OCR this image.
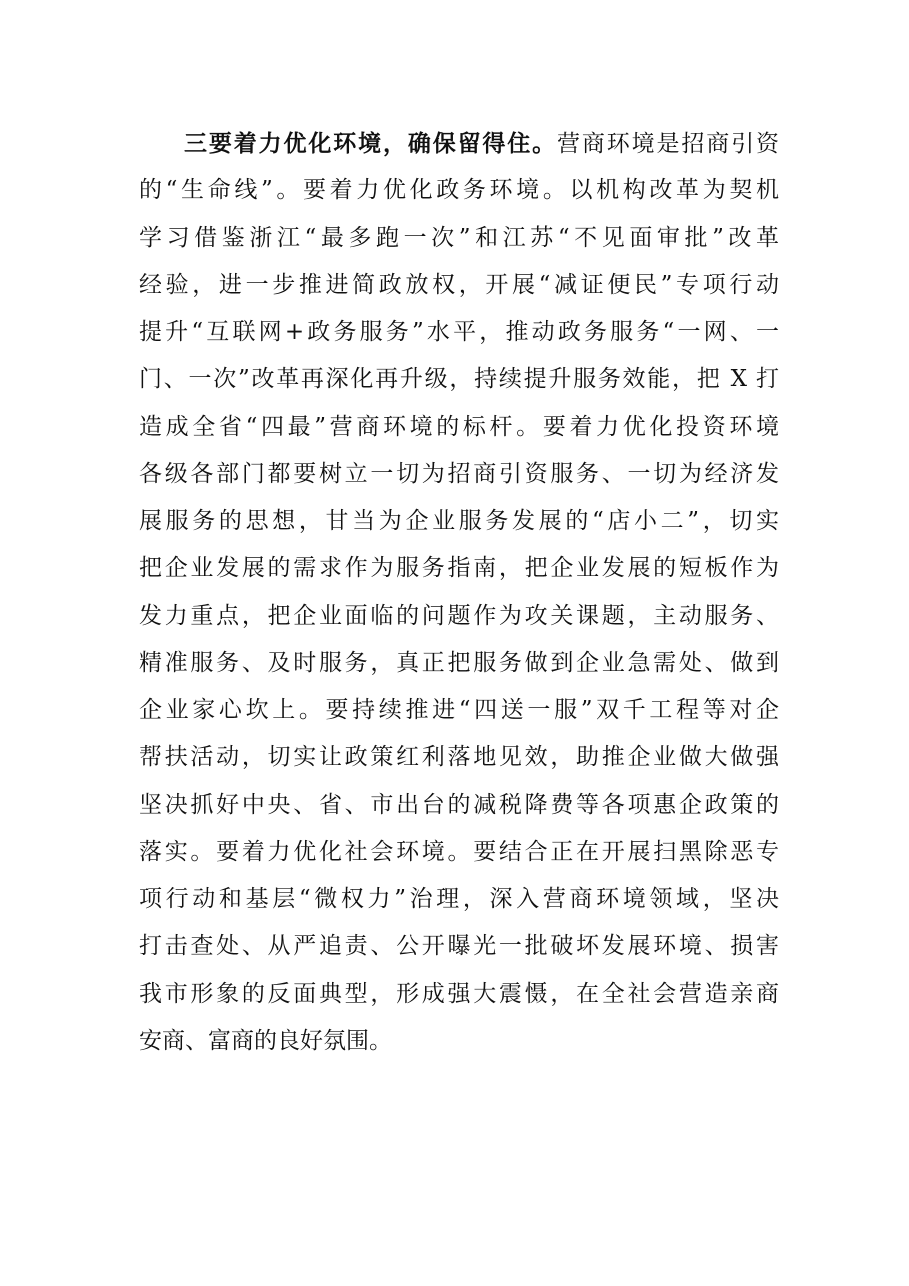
三要着力优化环境，确保留得住。营商环境是招商引资
的“生命线”。要着力优化政务环境。以机构改革为契机
学习借鉴浙江“最多跑一次”和江苏“不见面审批”改革
经验，进一步推进简政放权，开展“减证便民”专项行动
提升“互联网+政务服务”水平，推动政务服务“一网、一
门、一次”改革再深化再升级，持续提升服务效能，把 X 打
造成全省“四最”营商环境的标杆。要着力优化投资环境
各级各部门都要树立一切为招商引资服务、一切为经济发
展服务的思想，甘当为企业服务发展的“店小二”，切实
把企业发展的需求作为服务指南，把企业发展的短板作为
发力重点，把企业面临的问题作为攻关课题，主动服务、
精准服务、及时服务，真正把服务做到企业急需处、做到
企业家心坎上。要持续推进“四送一服”双千工程等对企
帮扶活动，切实让政策红利落地见效，助推企业做大做强
坚决抓好中央、省、市出台的减税降费等各项惠企政策的
落实。要着力优化社会环境。要结合正在开展扫黑除恶专
项行动和基层“微权力”治理，深入营商环境领域，坚决
打击查处、从严追责、公开曝光一批破坏发展环境、损害
我市形象的反面典型，形成强大震慑，在全社会营造亲商
安商、富商的良好氛围。
